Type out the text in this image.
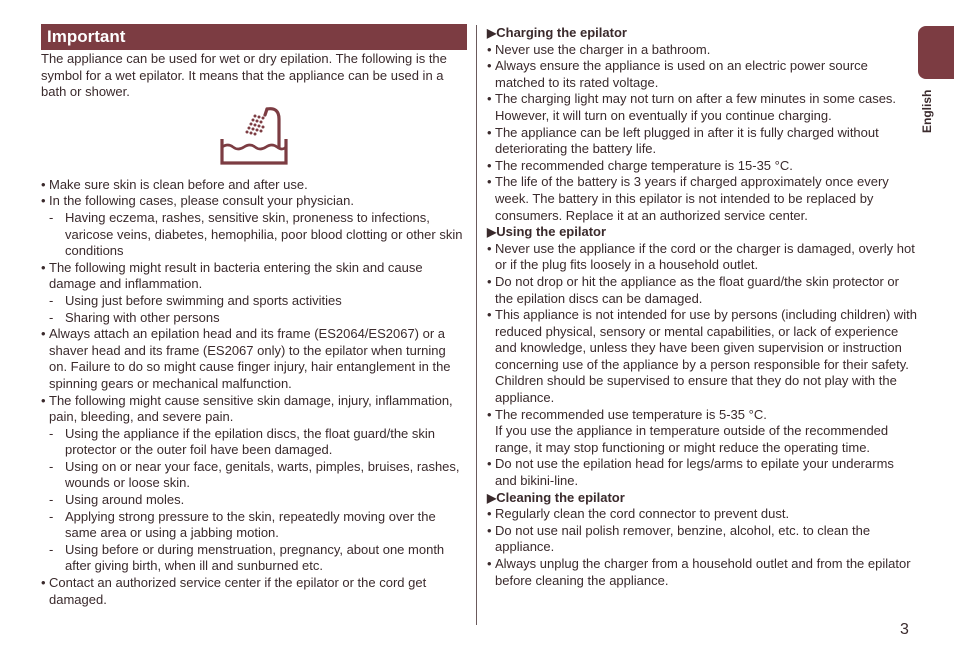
English
Important

The appliance can be used for wet or dry epilation. The following is the symbol for a wet epilator. It means that the appliance can be used in a bath or shower.

• Make sure skin is clean before and after use.
• In the following cases, please consult your physician.
- Having eczema, rashes, sensitive skin, proneness to infections, varicose veins, diabetes, hemophilia, poor blood clotting or other skin conditions
• The following might result in bacteria entering the skin and cause damage and inflammation.
- Using just before swimming and sports activities
- Sharing with other persons
• Always attach an epilation head and its frame (ES2064/ES2067) or a shaver head and its frame (ES2067 only) to the epilator when turning on. Failure to do so might cause finger injury, hair entanglement in the spinning gears or mechanical malfunction.
• The following might cause sensitive skin damage, injury, inflammation, pain, bleeding, and severe pain.
- Using the appliance if the epilation discs, the float guard/the skin protector or the outer foil have been damaged.
- Using on or near your face, genitals, warts, pimples, bruises, rashes, wounds or loose skin.
- Using around moles.
- Applying strong pressure to the skin, repeatedly moving over the same area or using a jabbing motion.
- Using before or during menstruation, pregnancy, about one month after giving birth, when ill and sunburned etc.
• Contact an authorized service center if the epilator or the cord get damaged.
▶Charging the epilator
• Never use the charger in a bathroom.
• Always ensure the appliance is used on an electric power source matched to its rated voltage.
• The charging light may not turn on after a few minutes in some cases. However, it will turn on eventually if you continue charging.
• The appliance can be left plugged in after it is fully charged without deteriorating the battery life.
• The recommended charge temperature is 15-35 °C.
• The life of the battery is 3 years if charged approximately once every week. The battery in this epilator is not intended to be replaced by consumers. Replace it at an authorized service center.
▶Using the epilator
• Never use the appliance if the cord or the charger is damaged, overly hot or if the plug fits loosely in a household outlet.
• Do not drop or hit the appliance as the float guard/the skin protector or the epilation discs can be damaged.
• This appliance is not intended for use by persons (including children) with reduced physical, sensory or mental capabilities, or lack of experience and knowledge, unless they have been given supervision or instruction concerning use of the appliance by a person responsible for their safety.
Children should be supervised to ensure that they do not play with the appliance.
• The recommended use temperature is 5-35 °C.
If you use the appliance in temperature outside of the recommended range, it may stop functioning or might reduce the operating time.
• Do not use the epilation head for legs/arms to epilate your underarms and bikini-line.
▶Cleaning the epilator
• Regularly clean the cord connector to prevent dust.
• Do not use nail polish remover, benzine, alcohol, etc. to clean the appliance.
• Always unplug the charger from a household outlet and from the epilator before cleaning the appliance.
3
